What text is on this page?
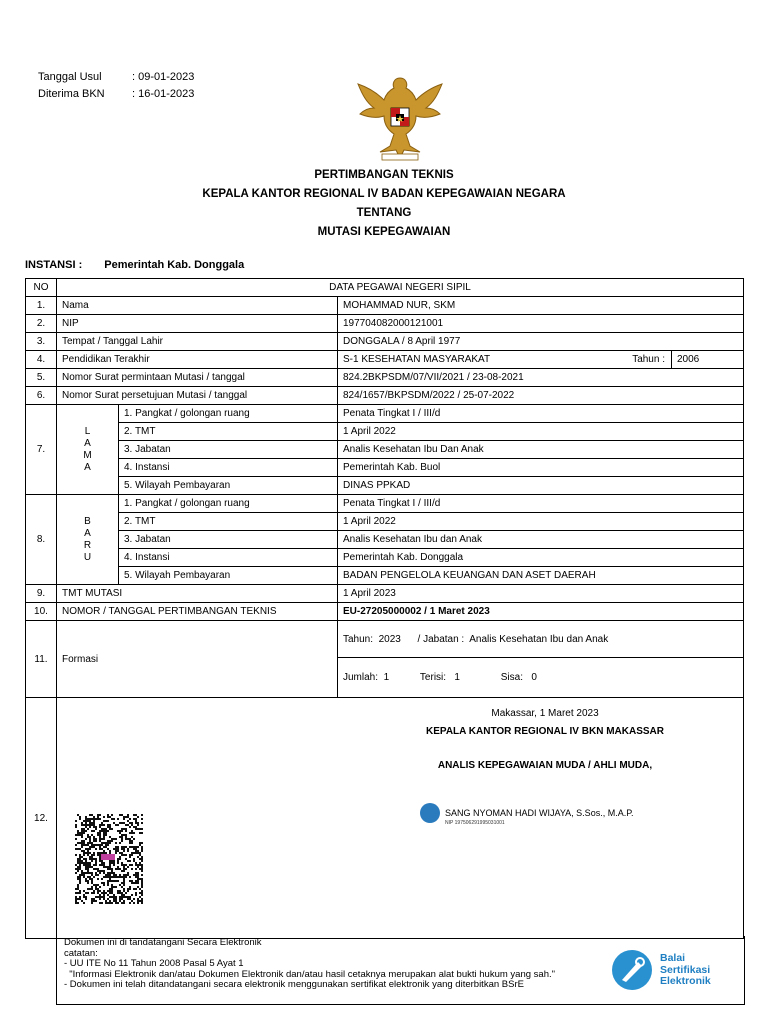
Tanggal Usul	: 09-01-2023
Diterima BKN : 16-01-2023
PERTIMBANGAN TEKNIS
KEPALA KANTOR REGIONAL IV BADAN KEPEGAWAIAN NEGARA
TENTANG
MUTASI KEPEGAWAIAN
INSTANSI : Pemerintah Kab. Donggala
NO	DATA PEGAWAI NEGERI SIPIL			
1.	Nama		MOHAMMAD NUR, SKM	
2.	NIP		197704082000121001	
3.	Tempat / Tanggal Lahir		DONGGALA / 8 April 1977	
4.	Pendidikan Terakhir		S-1 KESEHATAN MASYARAKAT Tahun :	2006
5.	Nomor Surat permintaan Mutasi / tanggal		824.2BKPSDM/07/VII/2021 / 23-08-2021	
6.	Nomor Surat persetujuan Mutasi / tanggal		824/1657/BKPSDM/2022 / 25-07-2022	
7.	L
A
M
A	1. Pangkat / golongan ruang	Penata Tingkat I / III/d	
		2. TMT	1 April 2022	
		3. Jabatan	Analis Kesehatan Ibu Dan Anak	
		4. Instansi	Pemerintah Kab. Buol	
		5. Wilayah Pembayaran	DINAS PPKAD	
8.	B
A
R
U	1. Pangkat / golongan ruang	Penata Tingkat I / III/d	
		2. TMT	1 April 2022	
		3. Jabatan	Analis Kesehatan Ibu dan Anak	
		4. Instansi	Pemerintah Kab. Donggala	
		5. Wilayah Pembayaran	BADAN PENGELOLA KEUANGAN DAN ASET DAERAH	
9.	TMT MUTASI		1 April 2023	
10.	NOMOR / TANGGAL PERTIMBANGAN TEKNIS		EU-27205000002 / 1 Maret 2023	
11.	Formasi		Tahun: 2023 / Jabatan : Analis Kesehatan Ibu dan Anak	
			Jumlah: 1 Terisi: 1 Sisa: 0	
12.				
Makassar, 1 Maret 2023
KEPALA KANTOR REGIONAL IV BKN MAKASSAR
ANALIS KEPEGAWAIAN MUDA / AHLI MUDA,
SANG NYOMAN HADI WIJAYA, S.Sos., M.A.P.
NIP 197506291995031001
Dokumen ini di tandatangani Secara Elektronik
catatan:
- UU ITE No 11 Tahun 2008 Pasal 5 Ayat 1
"Informasi Elektronik dan/atau Dokumen Elektronik dan/atau hasil cetaknya merupakan alat bukti hukum yang sah."
- Dokumen ini telah ditandatangani secara elektronik menggunakan sertifikat elektronik yang diterbitkan BSrE
Balai
Sertifikasi
Elektronik
